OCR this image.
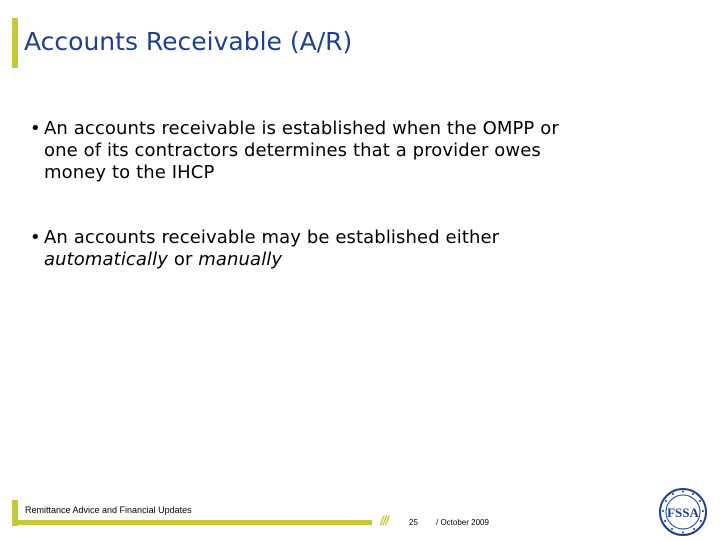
Accounts Receivable (A/R)
• An accounts receivable is established when the OMPP or one of its contractors determines that a provider owes money to the IHCP
• An accounts receivable may be established either automatically or manually
Remittance Advice and Financial Updates
///	25 / October 2009
FSSA
